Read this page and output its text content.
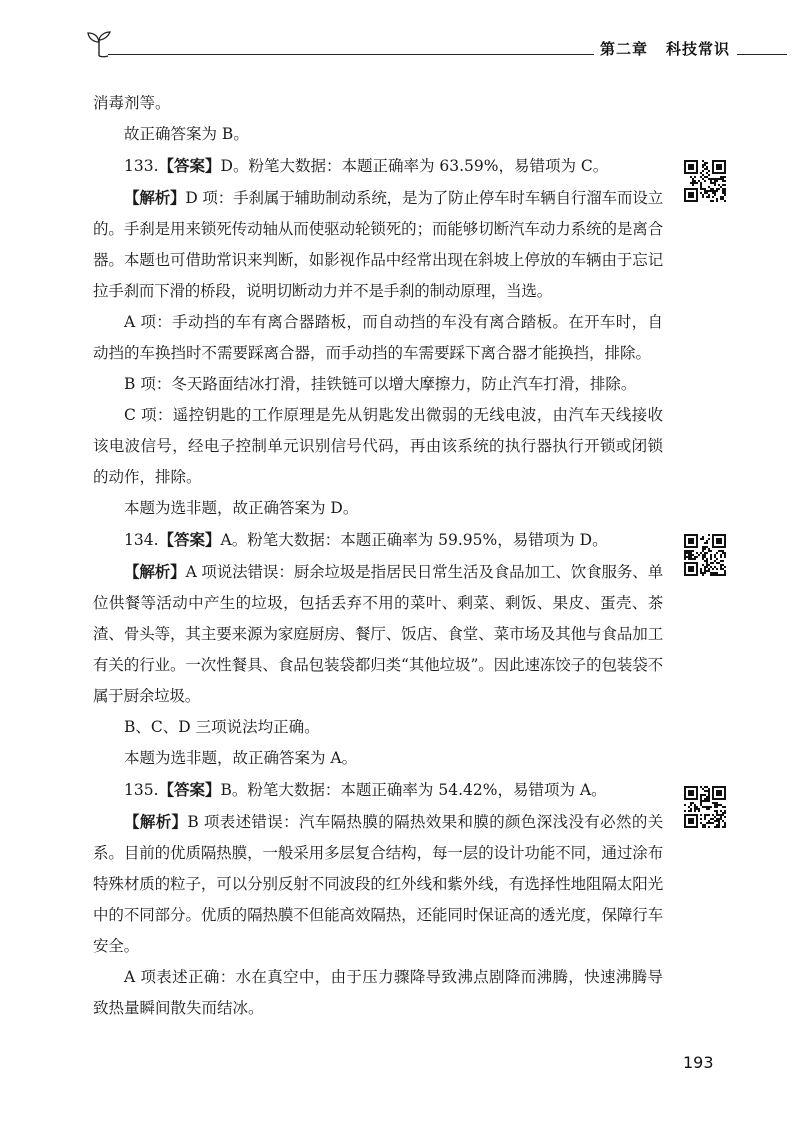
第二章 科技常识

消毒剂等。

故正确答案为 B。

133.【答案】D。粉笔大数据：本题正确率为 63.59%，易错项为 C。

【解析】D 项：手刹属于辅助制动系统，是为了防止停车时车辆自行溜车而设立的。手刹是用来锁死传动轴从而使驱动轮锁死的；而能够切断汽车动力系统的是离合器。本题也可借助常识来判断，如影视作品中经常出现在斜坡上停放的车辆由于忘记拉手刹而下滑的桥段，说明切断动力并不是手刹的制动原理，当选。

A 项：手动挡的车有离合器踏板，而自动挡的车没有离合踏板。在开车时，自动挡的车换挡时不需要踩离合器，而手动挡的车需要踩下离合器才能换挡，排除。

B 项：冬天路面结冰打滑，挂铁链可以增大摩擦力，防止汽车打滑，排除。

C 项：遥控钥匙的工作原理是先从钥匙发出微弱的无线电波，由汽车天线接收该电波信号，经电子控制单元识别信号代码，再由该系统的执行器执行开锁或闭锁的动作，排除。

本题为选非题，故正确答案为 D。

134.【答案】A。粉笔大数据：本题正确率为 59.95%，易错项为 D。

【解析】A 项说法错误：厨余垃圾是指居民日常生活及食品加工、饮食服务、单位供餐等活动中产生的垃圾，包括丢弃不用的菜叶、剩菜、剩饭、果皮、蛋壳、茶渣、骨头等，其主要来源为家庭厨房、餐厅、饭店、食堂、菜市场及其他与食品加工有关的行业。一次性餐具、食品包装袋都归类“其他垃圾”。因此速冻饺子的包装袋不属于厨余垃圾。

B、C、D 三项说法均正确。

本题为选非题，故正确答案为 A。

135.【答案】B。粉笔大数据：本题正确率为 54.42%，易错项为 A。

【解析】B 项表述错误：汽车隔热膜的隔热效果和膜的颜色深浅没有必然的关系。目前的优质隔热膜，一般采用多层复合结构，每一层的设计功能不同，通过涂布特殊材质的粒子，可以分别反射不同波段的红外线和紫外线，有选择性地阻隔太阳光中的不同部分。优质的隔热膜不但能高效隔热，还能同时保证高的透光度，保障行车安全。

A 项表述正确：水在真空中，由于压力骤降导致沸点剧降而沸腾，快速沸腾导致热量瞬间散失而结冰。

193
